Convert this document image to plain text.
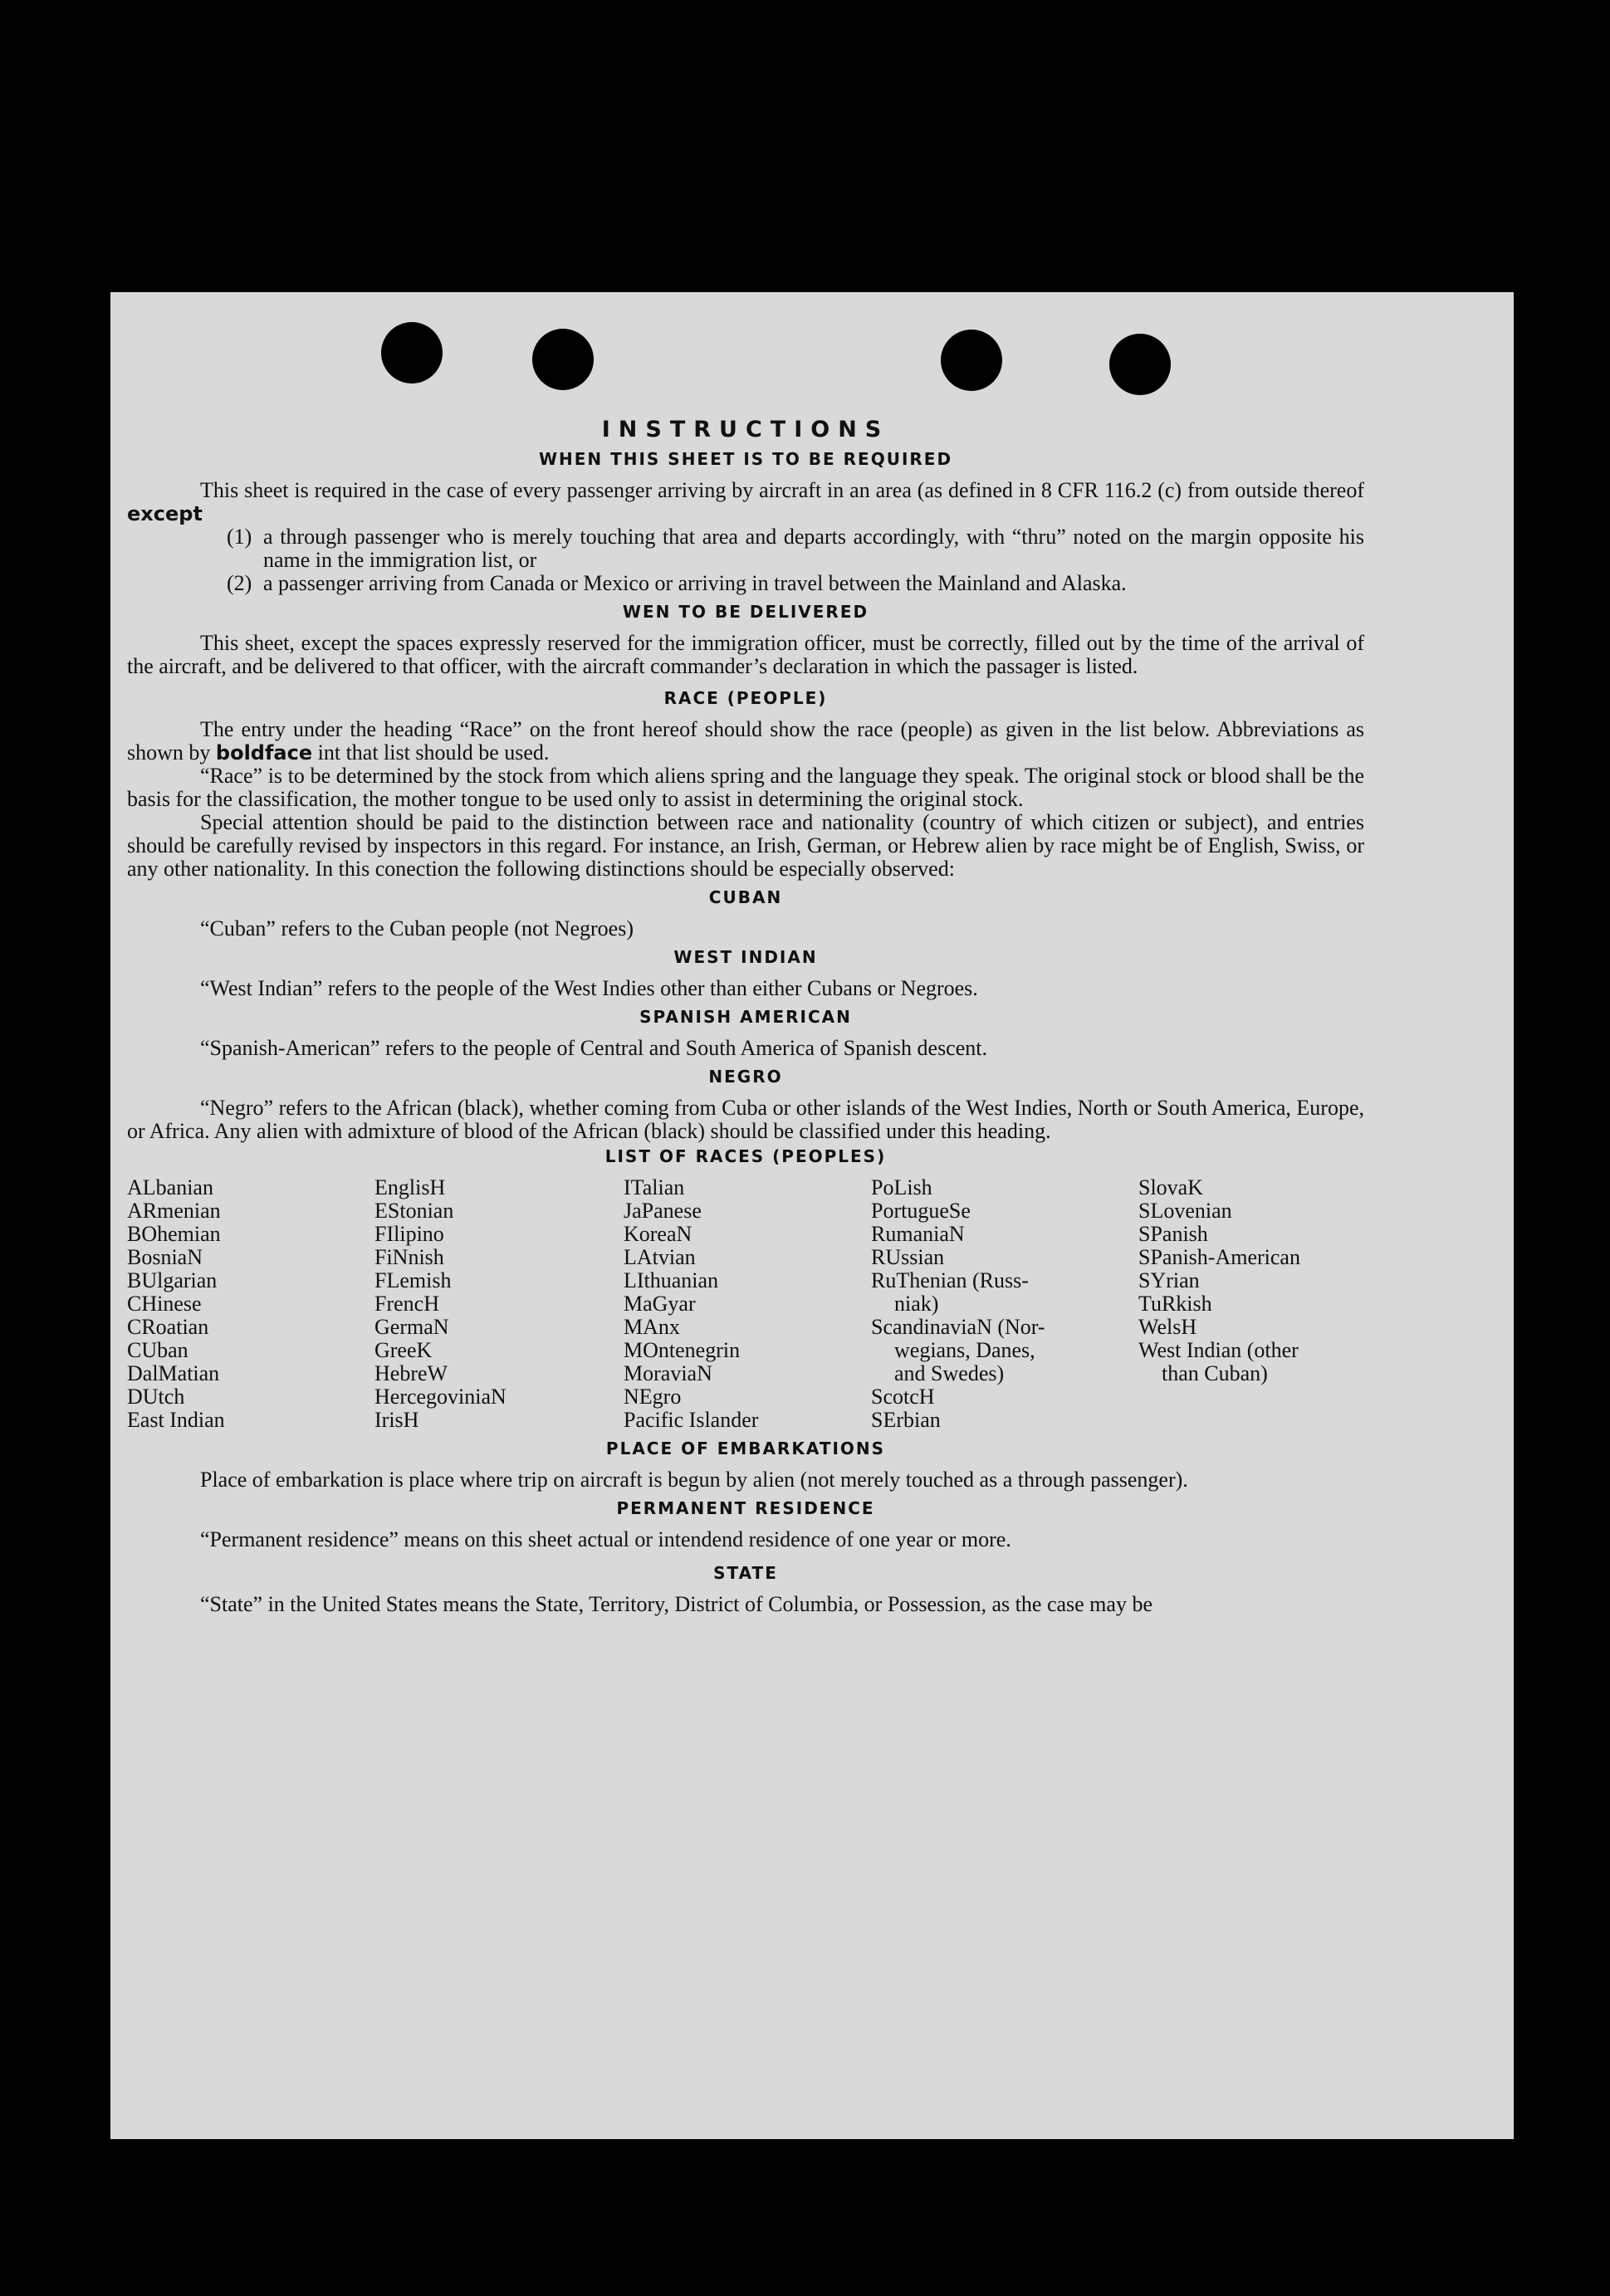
INSTRUCTIONS
WHEN THIS SHEET IS TO BE REQUIRED

This sheet is required in the case of every passenger arriving by aircraft in an area (as defined in 8 CFR 116.2 (c) from outside thereof except

(1) a through passenger who is merely touching that area and departs accordingly, with “thru” noted on the margin opposite his name in the immigration list, or
(2) a passenger arriving from Canada or Mexico or arriving in travel between the Mainland and Alaska.
WEN TO BE DELIVERED

This sheet, except the spaces expressly reserved for the immigration officer, must be correctly, filled out by the time of the arrival of the aircraft, and be delivered to that officer, with the aircraft commander’s declaration in which the passager is listed.

RACE (PEOPLE)

The entry under the heading “Race” on the front hereof should show the race (people) as given in the list below. Abbreviations as shown by boldface int that list should be used.

“Race” is to be determined by the stock from which aliens spring and the language they speak. The original stock or blood shall be the basis for the classification, the mother tongue to be used only to assist in determining the original stock.

Special attention should be paid to the distinction between race and nationality (country of which citizen or subject), and entries should be carefully revised by inspectors in this regard. For instance, an Irish, German, or Hebrew alien by race might be of English, Swiss, or any other nationality. In this conection the following distinctions should be especially observed:

CUBAN

“Cuban” refers to the Cuban people (not Negroes)

WEST INDIAN

“West Indian” refers to the people of the West Indies other than either Cubans or Negroes.

SPANISH AMERICAN

“Spanish-American” refers to the people of Central and South America of Spanish descent.

NEGRO

“Negro” refers to the African (black), whether coming from Cuba or other islands of the West Indies, North or South America, Europe, or Africa. Any alien with admixture of blood of the African (black) should be classified under this heading.

LIST OF RACES (PEOPLES)
ALbanian
ARmenian
BOhemian
BosniaN
BUlgarian
CHinese
CRoatian
CUban
DalMatian
DUtch
East Indian
EnglisH
EStonian
FIlipino
FiNnish
FLemish
FrencH
GermaN
GreeK
HebreW
HercegoviniaN
IrisH
ITalian
JaPanese
KoreaN
LAtvian
LIthuanian
MaGyar
MAnx
MOntenegrin
MoraviaN
NEgro
Pacific Islander
PoLish
PortugueSe
RumaniaN
RUssian
RuThenian (Russ-
niak)
ScandinaviaN (Nor-
wegians, Danes,
and Swedes)
ScotcH
SErbian
SlovaK
SLovenian
SPanish
SPanish-American
SYrian
TuRkish
WelsH
West Indian (other
than Cuban)
PLACE OF EMBARKATIONS

Place of embarkation is place where trip on aircraft is begun by alien (not merely touched as a through passenger).

PERMANENT RESIDENCE

“Permanent residence” means on this sheet actual or intendend residence of one year or more.

STATE

“State” in the United States means the State, Territory, District of Columbia, or Possession, as the case may be
